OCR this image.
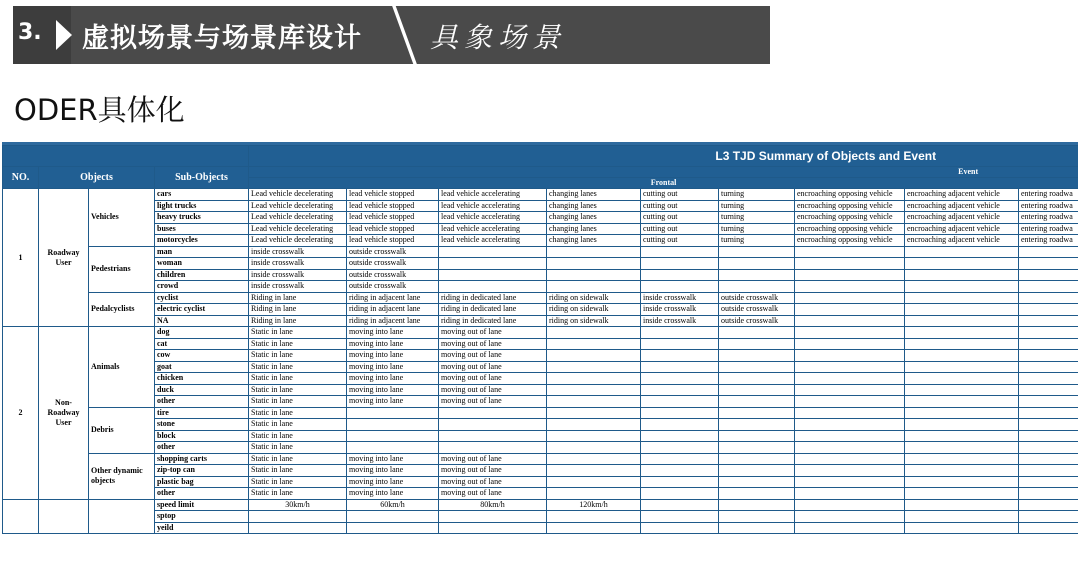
3. 虚拟场景与场景库设计 具象场景
ODER具体化
				L3 TJD Summary of Objects and Event								
NO.	Objects		Sub-Objects	Event								
				Frontal								
1	Roadway User	Vehicles	cars	Lead vehicle decelerating	lead vehicle stopped	lead vehicle accelerating	changing lanes	cutting out	turning	encroaching opposing vehicle	encroaching adjacent vehicle	entering roadwa
			light trucks	Lead vehicle decelerating	lead vehicle stopped	lead vehicle accelerating	changing lanes	cutting out	turning	encroaching opposing vehicle	encroaching adjacent vehicle	entering roadwa
			heavy trucks	Lead vehicle decelerating	lead vehicle stopped	lead vehicle accelerating	changing lanes	cutting out	turning	encroaching opposing vehicle	encroaching adjacent vehicle	entering roadwa
			buses	Lead vehicle decelerating	lead vehicle stopped	lead vehicle accelerating	changing lanes	cutting out	turning	encroaching opposing vehicle	encroaching adjacent vehicle	entering roadwa
			motorcycles	Lead vehicle decelerating	lead vehicle stopped	lead vehicle accelerating	changing lanes	cutting out	turning	encroaching opposing vehicle	encroaching adjacent vehicle	entering roadwa
		Pedestrians	man	inside crosswalk	outside crosswalk							
			woman	inside crosswalk	outside crosswalk							
			children	inside crosswalk	outside crosswalk							
			crowd	inside crosswalk	outside crosswalk							
		Pedalcyclists	cyclist	Riding in lane	riding in adjacent lane	riding in dedicated lane	riding on sidewalk	inside crosswalk	outside crosswalk			
			electric cyclist	Riding in lane	riding in adjacent lane	riding in dedicated lane	riding on sidewalk	inside crosswalk	outside crosswalk			
			NA	Riding in lane	riding in adjacent lane	riding in dedicated lane	riding on sidewalk	inside crosswalk	outside crosswalk			
2	Non-Roadway User	Animals	dog	Static in lane	moving into lane	moving out of lane						
			cat	Static in lane	moving into lane	moving out of lane						
			cow	Static in lane	moving into lane	moving out of lane						
			goat	Static in lane	moving into lane	moving out of lane						
			chicken	Static in lane	moving into lane	moving out of lane						
			duck	Static in lane	moving into lane	moving out of lane						
			other	Static in lane	moving into lane	moving out of lane						
		Debris	tire	Static in lane								
			stone	Static in lane								
			block	Static in lane								
			other	Static in lane								
		Other dynamic objects	shopping carts	Static in lane	moving into lane	moving out of lane						
			zip-top can	Static in lane	moving into lane	moving out of lane						
			plastic bag	Static in lane	moving into lane	moving out of lane						
			other	Static in lane	moving into lane	moving out of lane						
			speed limit	30km/h	60km/h	80km/h	120km/h					
			sptop									
			yeild									
